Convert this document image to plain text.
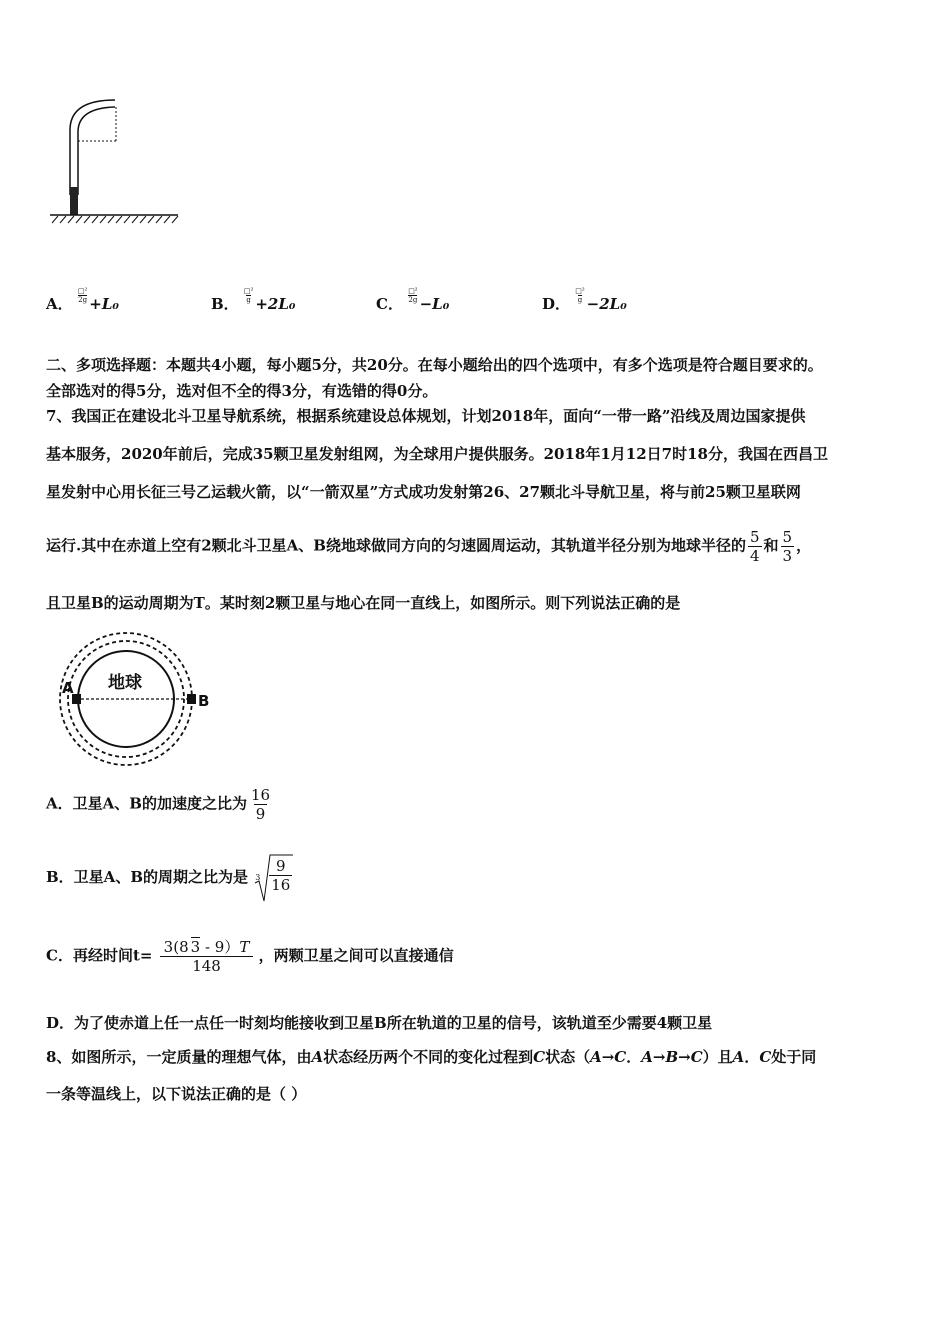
A．
□²
2g +L₀	B．
□²
g +2L₀	C．
□²
2g −L₀	D．
□²
g −2L₀
二、多项选择题：本题共4小题，每小题5分，共20分。在每小题给出的四个选项中，有多个选项是符合题目要求的。
全部选对的得5分，选对但不全的得3分，有选错的得0分。
7、我国正在建设北斗卫星导航系统，根据系统建设总体规划，计划2018年，面向“一带一路”沿线及周边国家提供
基本服务，2020年前后，完成35颗卫星发射组网，为全球用户提供服务。2018年1月12日7时18分，我国在西昌卫
星发射中心用长征三号乙运载火箭，以“一箭双星”方式成功发射第26、27颗北斗导航卫星，将与前25颗卫星联网
运行.其中在赤道上空有2颗北斗卫星A、B绕地球做同方向的匀速圆周运动，其轨道半径分别为地球半径的 $\frac{5}{4}$ 和 $\frac{5}{3}$ ，
且卫星B的运动周期为T。某时刻2颗卫星与地心在同一直线上，如图所示。则下列说法正确的是
地球
A
B
A．卫星A、B的加速度之比为 $\frac{16}{9}$
B．卫星A、B的周期之比为是 $3 \frac{9}{16}$
C．再经时间$t= \frac{3(8 3 - 9)T}{148}$ ，两颗卫星之间可以直接通信
D．为了使赤道上任一点任一时刻均能接收到卫星B所在轨道的卫星的信号，该轨道至少需要4颗卫星
8、如图所示，一定质量的理想气体，由A状态经历两个不同的变化过程到C状态（A→C．A→B→C）且A．C处于同
一条等温线上，以下说法正确的是（ ）
